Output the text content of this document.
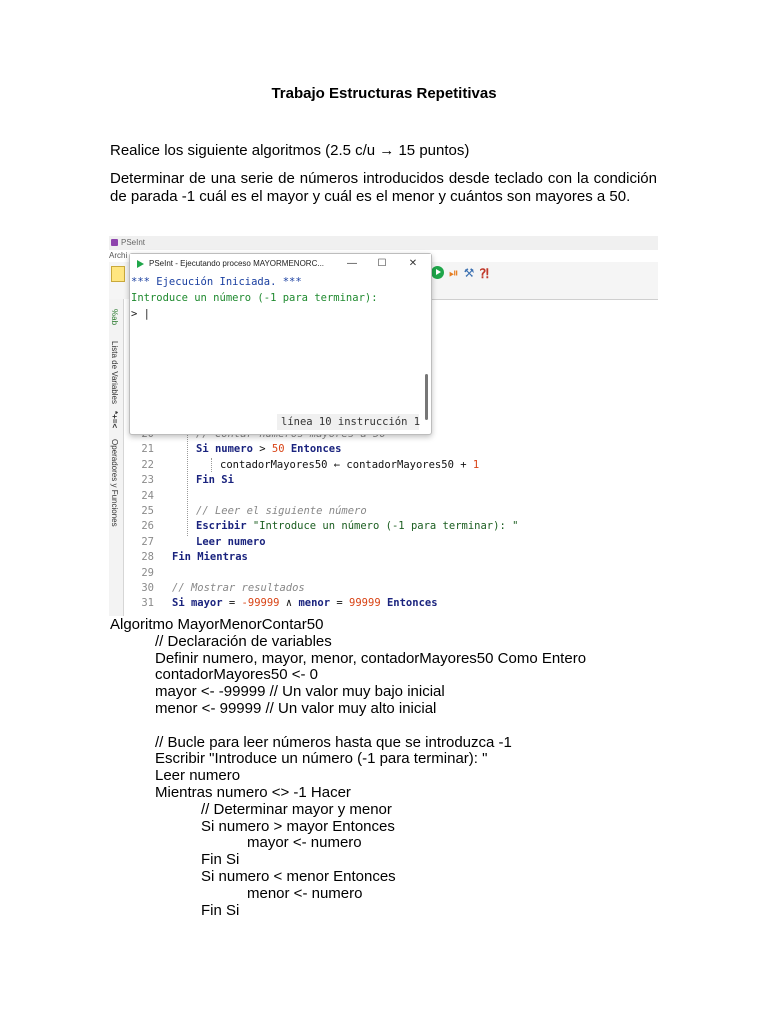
Trabajo Estructuras Repetitivas

Realice los siguiente algoritmos (2.5 c/u → 15 puntos)

Determinar de una serie de números introducidos desde teclado con la condición de parada -1 cuál es el mayor y cuál es el menor y cuántos son mayores a 50.

PSeInt
Archi
⏯ ⚒ ⁈
%ab
Lista de Variables
*+=<
Operadores y Funciones	21	Si numero > 50 Entonces
22	contadorMayores50 ← contadorMayores50 + 1
23	Fin Si
24
25	// Leer el siguiente número
26	Escribir "Introduce un número (-1 para terminar): "
27	Leer numero
28 Fin Mientras
29
30 // Mostrar resultados
31 Si mayor = -99999 ∧ menor = 99999 Entonces
PSeInt - Ejecutando proceso MAYORMENORC...	—	☐	✕
*** Ejecución Iniciada. ***
Introduce un número (-1 para terminar):
> |
línea 10 instrucción 1

Algoritmo MayorMenorContar50

// Declaración de variables

Definir numero, mayor, menor, contadorMayores50 Como Entero

contadorMayores50 <- 0

mayor <- -99999 // Un valor muy bajo inicial

menor <- 99999 // Un valor muy alto inicial

// Bucle para leer números hasta que se introduzca -1

Escribir "Introduce un número (-1 para terminar): "

Leer numero

Mientras numero <> -1 Hacer

// Determinar mayor y menor

Si numero > mayor Entonces

mayor <- numero

Fin Si

Si numero < menor Entonces

menor <- numero

Fin Si
